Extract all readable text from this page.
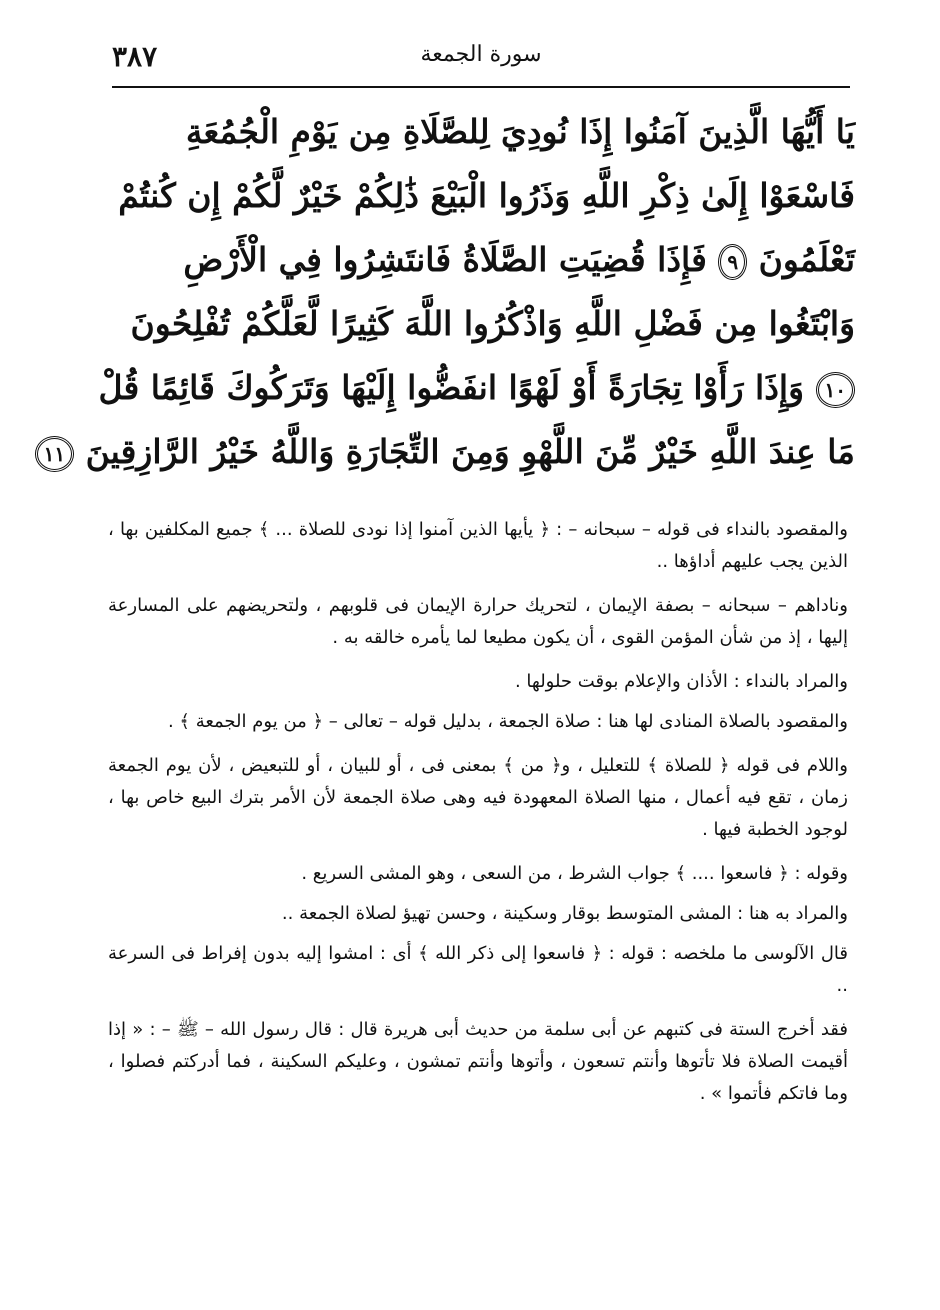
٣٨٧	سورة الجمعة
يَا أَيُّهَا الَّذِينَ آمَنُوا إِذَا نُودِيَ لِلصَّلَاةِ مِن يَوْمِ الْجُمُعَةِ
فَاسْعَوْا إِلَىٰ ذِكْرِ اللَّهِ وَذَرُوا الْبَيْعَ ذَٰلِكُمْ خَيْرٌ لَّكُمْ إِن كُنتُمْ
تَعْلَمُونَ ٩ فَإِذَا قُضِيَتِ الصَّلَاةُ فَانتَشِرُوا فِي الْأَرْضِ
وَابْتَغُوا مِن فَضْلِ اللَّهِ وَاذْكُرُوا اللَّهَ كَثِيرًا لَّعَلَّكُمْ تُفْلِحُونَ
١٠ وَإِذَا رَأَوْا تِجَارَةً أَوْ لَهْوًا انفَضُّوا إِلَيْهَا وَتَرَكُوكَ قَائِمًا قُلْ
مَا عِندَ اللَّهِ خَيْرٌ مِّنَ اللَّهْوِ وَمِنَ التِّجَارَةِ وَاللَّهُ خَيْرُ الرَّازِقِينَ ١١

والمقصود بالنداء فى قوله – سبحانه – : ﴿ يأيها الذين آمنوا إذا نودى للصلاة ... ﴾ جميع المكلفين بها ، الذين يجب عليهم أداؤها ..

وناداهم – سبحانه – بصفة الإيمان ، لتحريك حرارة الإيمان فى قلوبهم ، ولتحريضهم على المسارعة إليها ، إذ من شأن المؤمن القوى ، أن يكون مطيعا لما يأمره خالقه به .

والمراد بالنداء : الأذان والإعلام بوقت حلولها .

والمقصود بالصلاة المنادى لها هنا : صلاة الجمعة ، بدليل قوله – تعالى – ﴿ من يوم الجمعة ﴾ .

واللام فى قوله ﴿ للصلاة ﴾ للتعليل ، و﴿ من ﴾ بمعنى فى ، أو للبيان ، أو للتبعيض ، لأن يوم الجمعة زمان ، تقع فيه أعمال ، منها الصلاة المعهودة فيه وهى صلاة الجمعة لأن الأمر بترك البيع خاص بها ، لوجود الخطبة فيها .

وقوله : ﴿ فاسعوا .... ﴾ جواب الشرط ، من السعى ، وهو المشى السريع .

والمراد به هنا : المشى المتوسط بوقار وسكينة ، وحسن تهيؤ لصلاة الجمعة ..

قال الآلوسى ما ملخصه : قوله : ﴿ فاسعوا إلى ذكر الله ﴾ أى : امشوا إليه بدون إفراط فى السرعة ..

فقد أخرج الستة فى كتبهم عن أبى سلمة من حديث أبى هريرة قال : قال رسول الله – ﷺ – : « إذا أقيمت الصلاة فلا تأتوها وأنتم تسعون ، وأتوها وأنتم تمشون ، وعليكم السكينة ، فما أدركتم فصلوا ، وما فاتكم فأتموا » .
